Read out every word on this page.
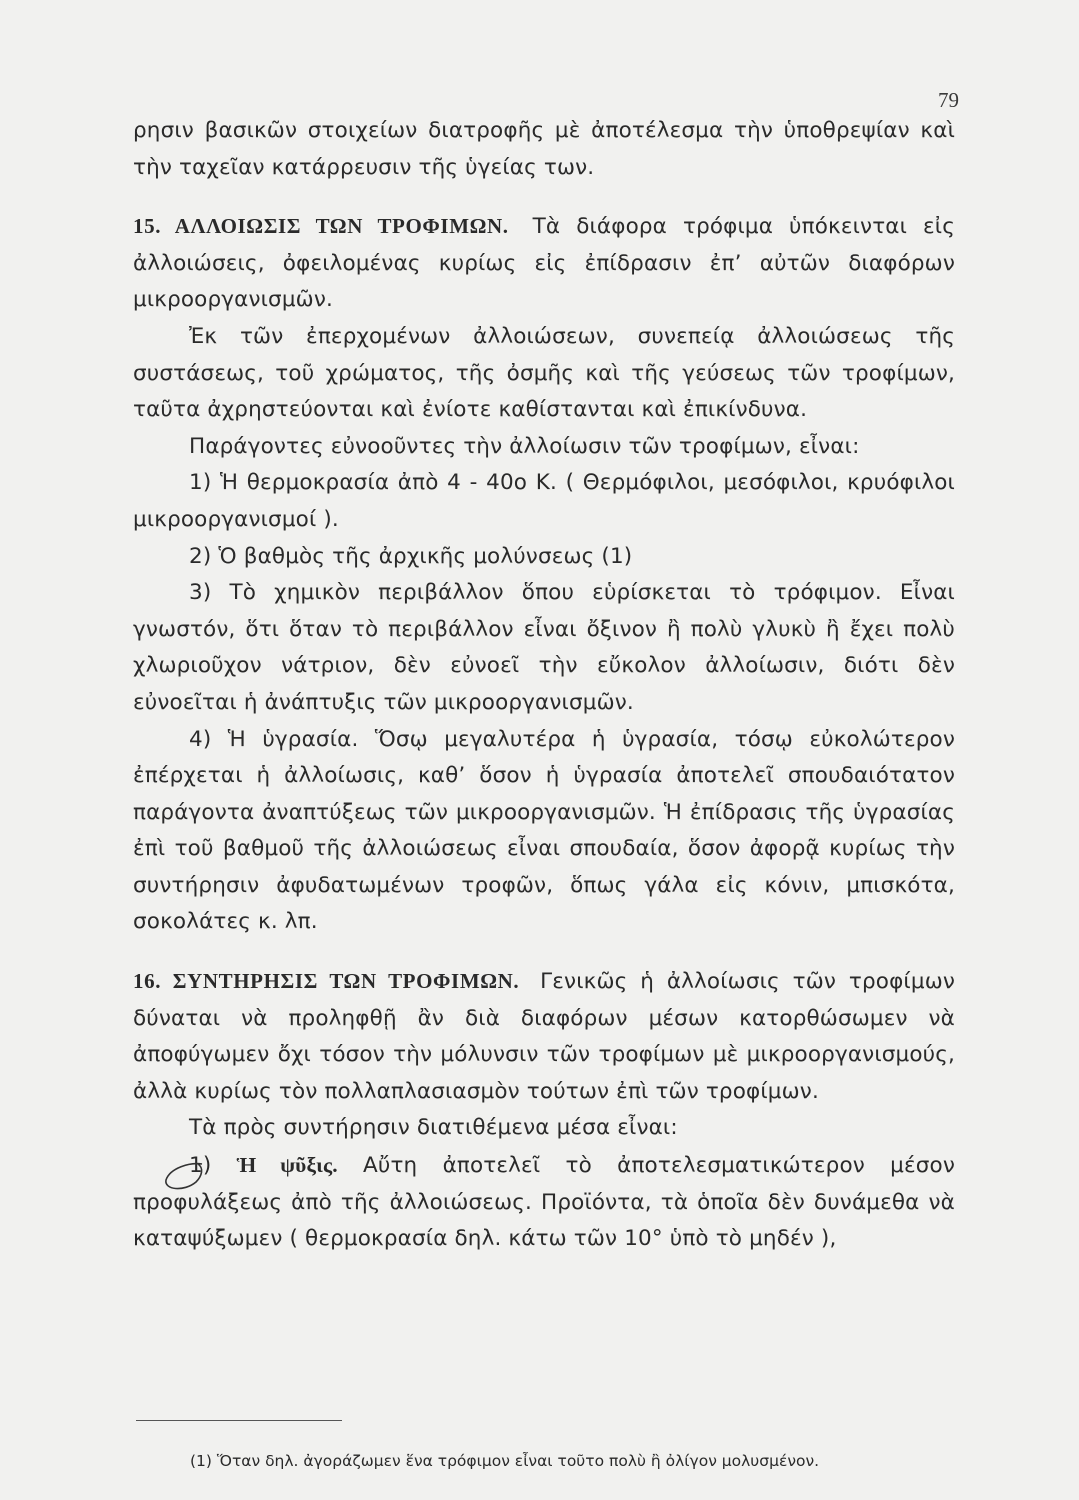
79

ρησιν βασικῶν στοιχείων διατροφῆς μὲ ἀποτέλεσμα τὴν ὑποθρεψίαν καὶ τὴν ταχεῖαν κατάρρευσιν τῆς ὑγείας των.

15. ΑΛΛΟΙΩΣΙΣ ΤΩΝ ΤΡΟΦΙΜΩΝ. Τὰ διάφορα τρόφιμα ὑπόκεινται εἰς ἀλλοιώσεις, ὀφειλομένας κυρίως εἰς ἐπίδρασιν ἐπ’ αὐτῶν διαφόρων μικροοργανισμῶν.

Ἐκ τῶν ἐπερχομένων ἀλλοιώσεων, συνεπείᾳ ἀλλοιώσεως τῆς συστάσεως, τοῦ χρώματος, τῆς ὀσμῆς καὶ τῆς γεύσεως τῶν τροφίμων, ταῦτα ἀχρηστεύονται καὶ ἐνίοτε καθίστανται καὶ ἐπικίνδυνα.

Παράγοντες εὐνοοῦντες τὴν ἀλλοίωσιν τῶν τροφίμων, εἶναι:

1) Ἡ θερμοκρασία ἀπὸ 4 - 40ο Κ. ( Θερμόφιλοι, μεσόφιλοι, κρυόφιλοι μικροοργανισμοί ).

2) Ὁ βαθμὸς τῆς ἀρχικῆς μολύνσεως (1)

3) Τὸ χημικὸν περιβάλλον ὅπου εὑρίσκεται τὸ τρόφιμον. Εἶναι γνωστόν, ὅτι ὅταν τὸ περιβάλλον εἶναι ὄξινον ἢ πολὺ γλυκὺ ἢ ἔχει πολὺ χλωριοῦχον νάτριον, δὲν εὐνοεῖ τὴν εὔκολον ἀλλοίωσιν, διότι δὲν εὐνοεῖται ἡ ἀνάπτυξις τῶν μικροοργανισμῶν.

4) Ἡ ὑγρασία. Ὅσῳ μεγαλυτέρα ἡ ὑγρασία, τόσῳ εὐκολώτερον ἐπέρχεται ἡ ἀλλοίωσις, καθ’ ὅσον ἡ ὑγρασία ἀποτελεῖ σπουδαιότατον παράγοντα ἀναπτύξεως τῶν μικροοργανισμῶν. Ἡ ἐπίδρασις τῆς ὑγρασίας ἐπὶ τοῦ βαθμοῦ τῆς ἀλλοιώσεως εἶναι σπουδαία, ὅσον ἀφορᾷ κυρίως τὴν συντήρησιν ἀφυδατωμένων τροφῶν, ὅπως γάλα εἰς κόνιν, μπισκότα, σοκολάτες κ. λπ.

16. ΣΥΝΤΗΡΗΣΙΣ ΤΩΝ ΤΡΟΦΙΜΩΝ. Γενικῶς ἡ ἀλλοίωσις τῶν τροφίμων δύναται νὰ προληφθῇ ἂν διὰ διαφόρων μέσων κατορθώσωμεν νὰ ἀποφύγωμεν ὄχι τόσον τὴν μόλυνσιν τῶν τροφίμων μὲ μικροοργανισμούς, ἀλλὰ κυρίως τὸν πολλαπλασιασμὸν τούτων ἐπὶ τῶν τροφίμων.

Τὰ πρὸς συντήρησιν διατιθέμενα μέσα εἶναι:

1) Ἡ ψῦξις. Αὔτη ἀποτελεῖ τὸ ἀποτελεσματικώτερον μέσον προφυλάξεως ἀπὸ τῆς ἀλλοιώσεως. Προϊόντα, τὰ ὁποῖα δὲν δυνάμεθα νὰ καταψύξωμεν ( θερμοκρασία δηλ. κάτω τῶν 10° ὑπὸ τὸ μηδέν ),

(1) Ὅταν δηλ. ἀγοράζωμεν ἕνα τρόφιμον εἶναι τοῦτο πολὺ ἢ ὀλίγον μολυσμένον.
